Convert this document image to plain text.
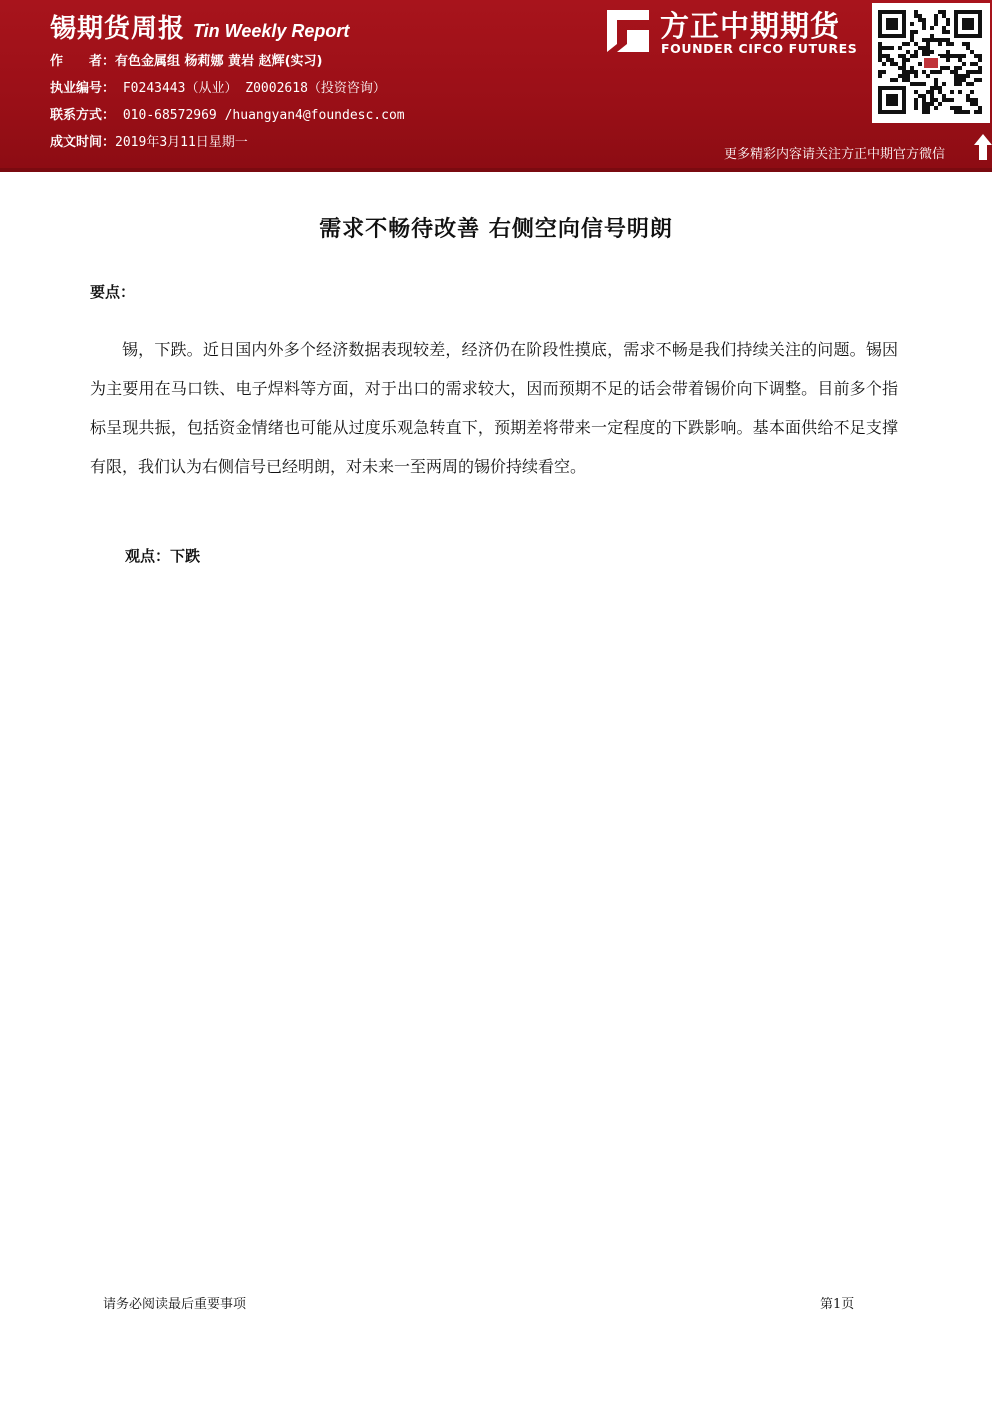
锡期货周报 Tin Weekly Report
作　　者：有色金属组 杨莉娜 黄岩 赵辉(实习)
执业编号： F0243443（从业） Z0002618（投资咨询）
联系方式： 010-68572969 /huangyan4@foundesc.com
成文时间：2019年3月11日星期一
方正中期期货
FOUNDER CIFCO FUTURES
更多精彩内容请关注方正中期官方微信
需求不畅待改善 右侧空向信号明朗
要点：
锡，下跌。近日国内外多个经济数据表现较差，经济仍在阶段性摸底，需求不畅是我们持续关注的问题。锡因为主要用在马口铁、电子焊料等方面，对于出口的需求较大，因而预期不足的话会带着锡价向下调整。目前多个指标呈现共振，包括资金情绪也可能从过度乐观急转直下，预期差将带来一定程度的下跌影响。基本面供给不足支撑有限，我们认为右侧信号已经明朗，对未来一至两周的锡价持续看空。
观点：下跌
请务必阅读最后重要事项	第1页
